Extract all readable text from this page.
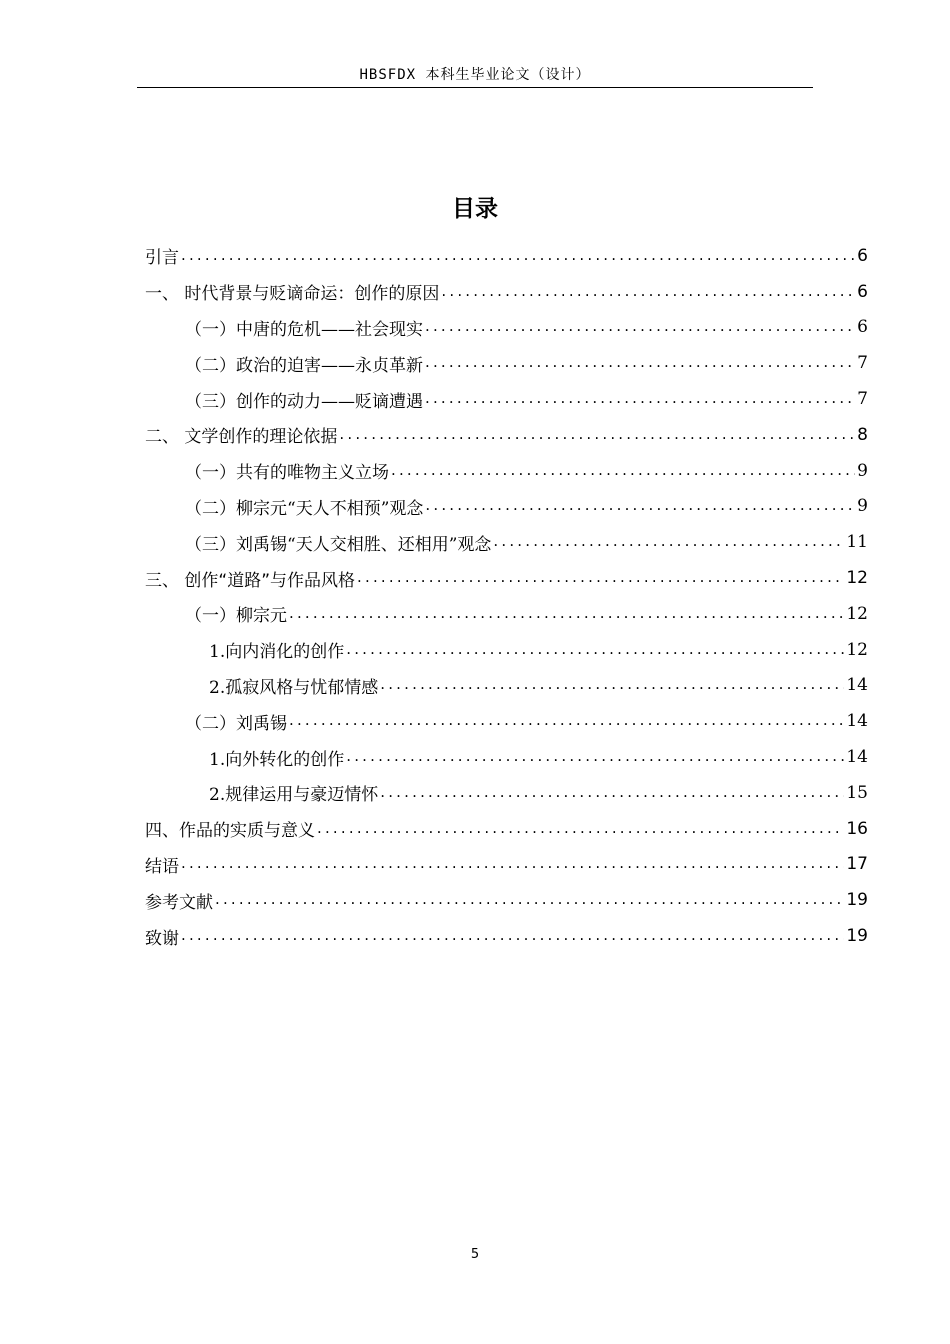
HBSFDX 本科生毕业论文（设计）
目录
引言 .....	6
一、 时代背景与贬谪命运：创作的原因 .....	6
（一）中唐的危机——社会现实 .....	6
（二）政治的迫害——永贞革新 .....	7
（三）创作的动力——贬谪遭遇 .....	7
二、 文学创作的理论依据 .....	8
（一）共有的唯物主义立场 .....	9
（二）柳宗元“天人不相预”观念 .....	9
（三）刘禹锡“天人交相胜、还相用”观念 .....	11
三、 创作“道路”与作品风格 .....	12
（一）柳宗元 .....	12
1.向内消化的创作 .....	12
2.孤寂风格与忧郁情感 .....	14
（二）刘禹锡 .....	14
1.向外转化的创作 .....	14
2.规律运用与豪迈情怀 .....	15
四、作品的实质与意义 .....	16
结语 .....	17
参考文献 .....	19
致谢 .....	19
5
